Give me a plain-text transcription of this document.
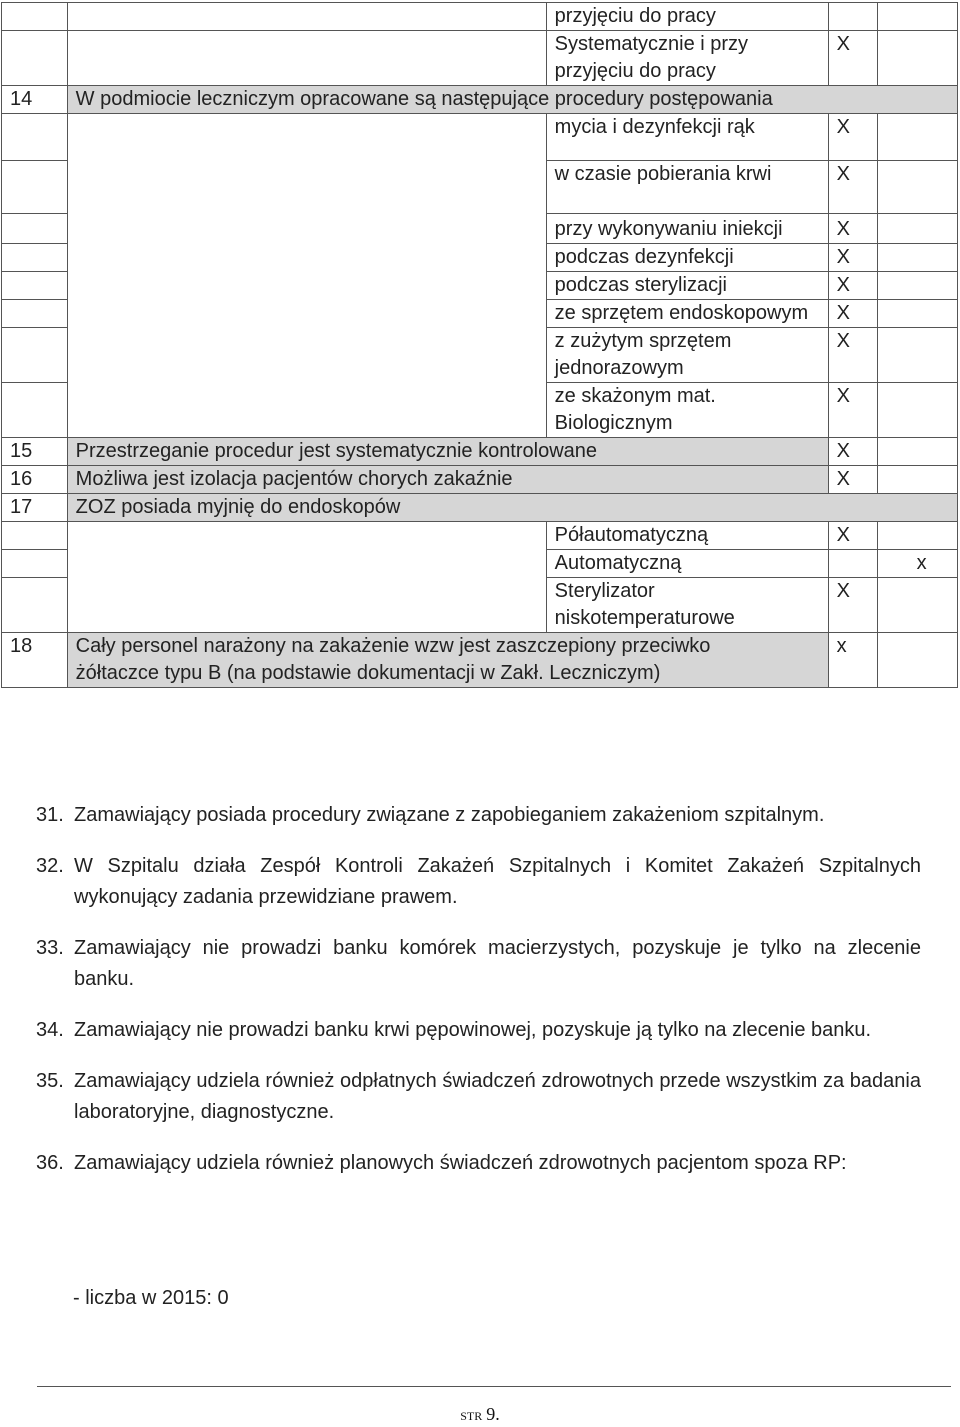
		przyjęciu do pracy		
		Systematycznie i przy przyjęciu do pracy	X	
14	W podmiocie leczniczym opracowane są następujące procedury postępowania			
		mycia i dezynfekcji rąk	X	
		w czasie pobierania krwi	X	
		przy wykonywaniu iniekcji	X	
		podczas dezynfekcji	X	
		podczas sterylizacji	X	
		ze sprzętem endoskopowym	X	
		z zużytym sprzętem jednorazowym	X	
		ze skażonym mat. Biologicznym	X	
15	Przestrzeganie procedur jest systematycznie kontrolowane		X	
16	Możliwa jest izolacja pacjentów chorych zakaźnie		X	
17	ZOZ posiada myjnię do endoskopów			
		Półautomatyczną	X	
		Automatyczną		x
		Sterylizator niskotemperaturowe	X	
18	Cały personel narażony na zakażenie wzw jest zaszczepiony przeciwko żółtaczce typu B (na podstawie dokumentacji w Zakł. Leczniczym)		x	
31. Zamawiający posiada procedury związane z zapobieganiem zakażeniom szpitalnym.
32. W Szpitalu działa Zespół Kontroli Zakażeń Szpitalnych i Komitet Zakażeń Szpitalnych wykonujący zadania przewidziane prawem.
33. Zamawiający nie prowadzi banku komórek macierzystych, pozyskuje je tylko na zlecenie banku.
34. Zamawiający nie prowadzi banku krwi pępowinowej, pozyskuje ją tylko na zlecenie banku.
35. Zamawiający udziela również odpłatnych świadczeń zdrowotnych przede wszystkim za badania laboratoryjne, diagnostyczne.
36. Zamawiający udziela również planowych świadczeń zdrowotnych pacjentom spoza RP:
- liczba w 2015: 0
STR 9.
